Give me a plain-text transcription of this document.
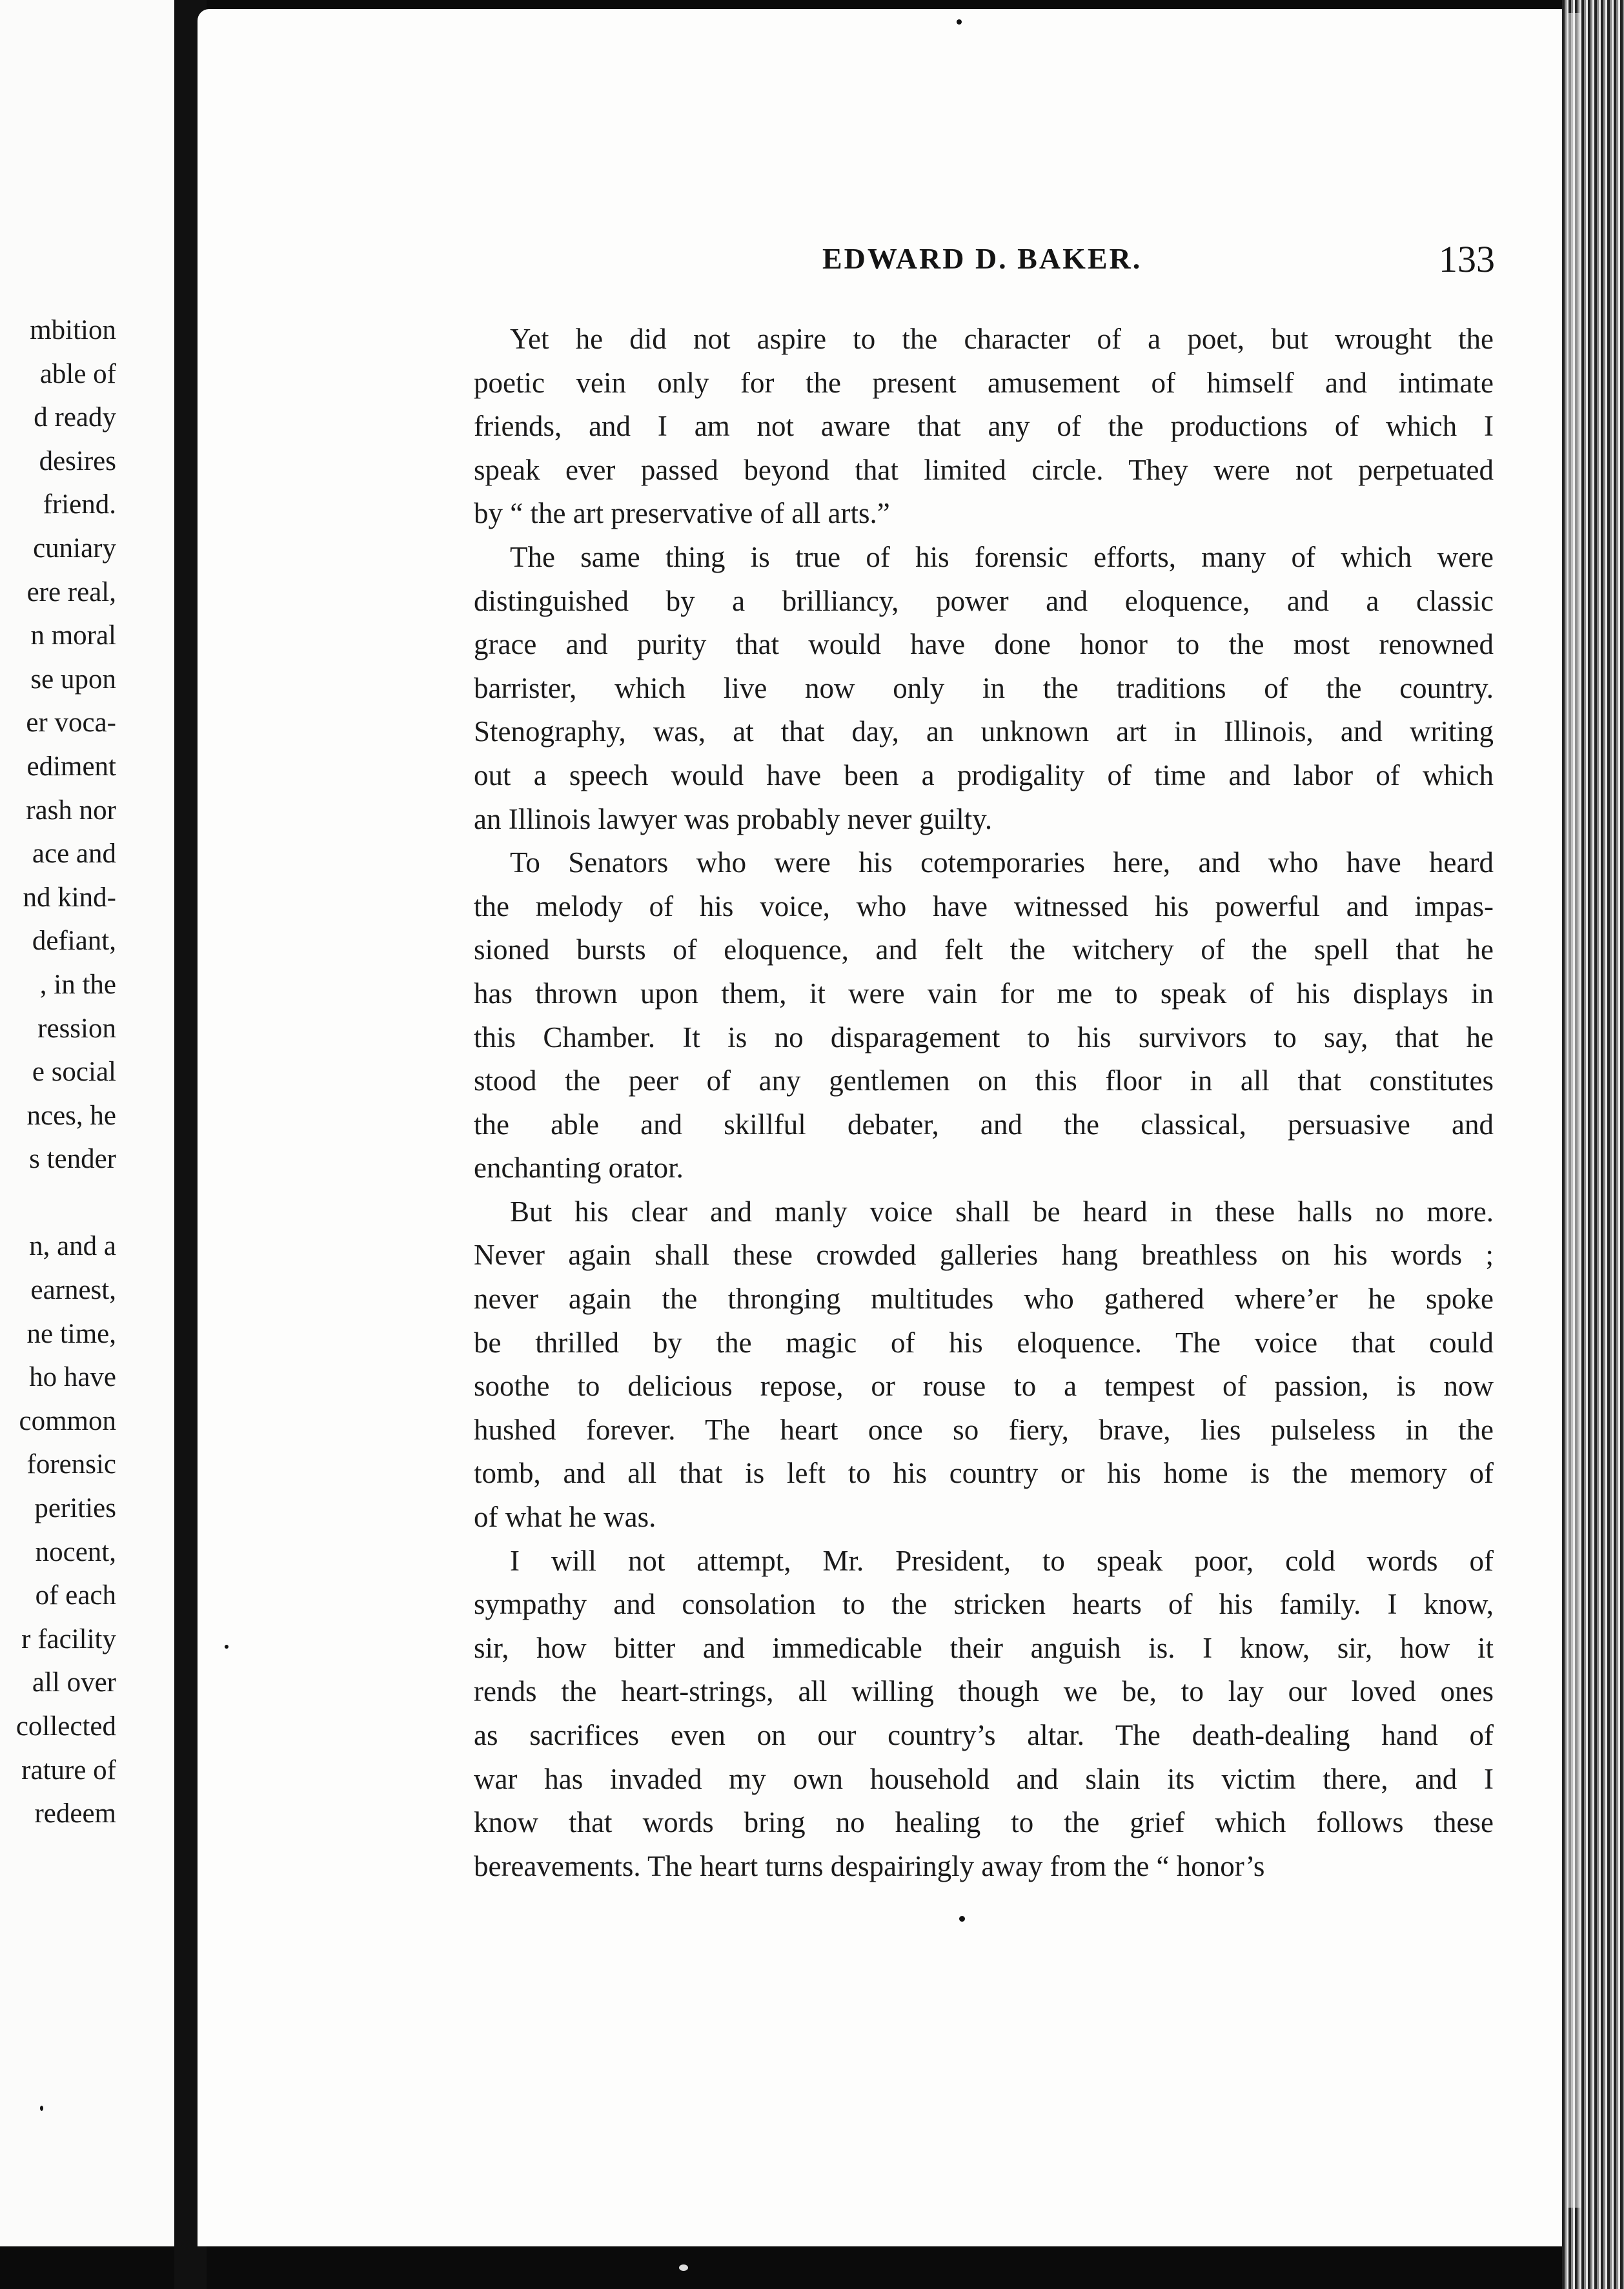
mbition
able of
d ready
desires
friend.
cuniary
ere real,
n moral
se upon
er voca-
ediment
rash nor
ace and
nd kind-
defiant,
, in the
ression
e social
nces, he
s tender
n, and a
earnest,
ne time,
ho have
common
forensic
perities
nocent,
of each
r facility
all over
collected
rature of
redeem
EDWARD D. BAKER.	133
Yet he did not aspire to the character of a poet, but wrought the
poetic vein only for the present amusement of himself and intimate
friends, and I am not aware that any of the productions of which I
speak ever passed beyond that limited circle. They were not perpetuated
by “ the art preservative of all arts.”
The same thing is true of his forensic efforts, many of which were
distinguished by a brilliancy, power and eloquence, and a classic
grace and purity that would have done honor to the most renowned
barrister, which live now only in the traditions of the country.
Stenography, was, at that day, an unknown art in Illinois, and writing
out a speech would have been a prodigality of time and labor of which
an Illinois lawyer was probably never guilty.
To Senators who were his cotemporaries here, and who have heard
the melody of his voice, who have witnessed his powerful and impas-
sioned bursts of eloquence, and felt the witchery of the spell that he
has thrown upon them, it were vain for me to speak of his displays in
this Chamber. It is no disparagement to his survivors to say, that he
stood the peer of any gentlemen on this floor in all that constitutes
the able and skillful debater, and the classical, persuasive and
enchanting orator.
But his clear and manly voice shall be heard in these halls no more.
Never again shall these crowded galleries hang breathless on his words ;
never again the thronging multitudes who gathered where’er he spoke
be thrilled by the magic of his eloquence. The voice that could
soothe to delicious repose, or rouse to a tempest of passion, is now
hushed forever. The heart once so fiery, brave, lies pulseless in the
tomb, and all that is left to his country or his home is the memory of
of what he was.
I will not attempt, Mr. President, to speak poor, cold words of
sympathy and consolation to the stricken hearts of his family. I know,
sir, how bitter and immedicable their anguish is. I know, sir, how it
rends the heart-strings, all willing though we be, to lay our loved ones
as sacrifices even on our country’s altar. The death-dealing hand of
war has invaded my own household and slain its victim there, and I
know that words bring no healing to the grief which follows these
bereavements. The heart turns despairingly away from the “ honor’s
